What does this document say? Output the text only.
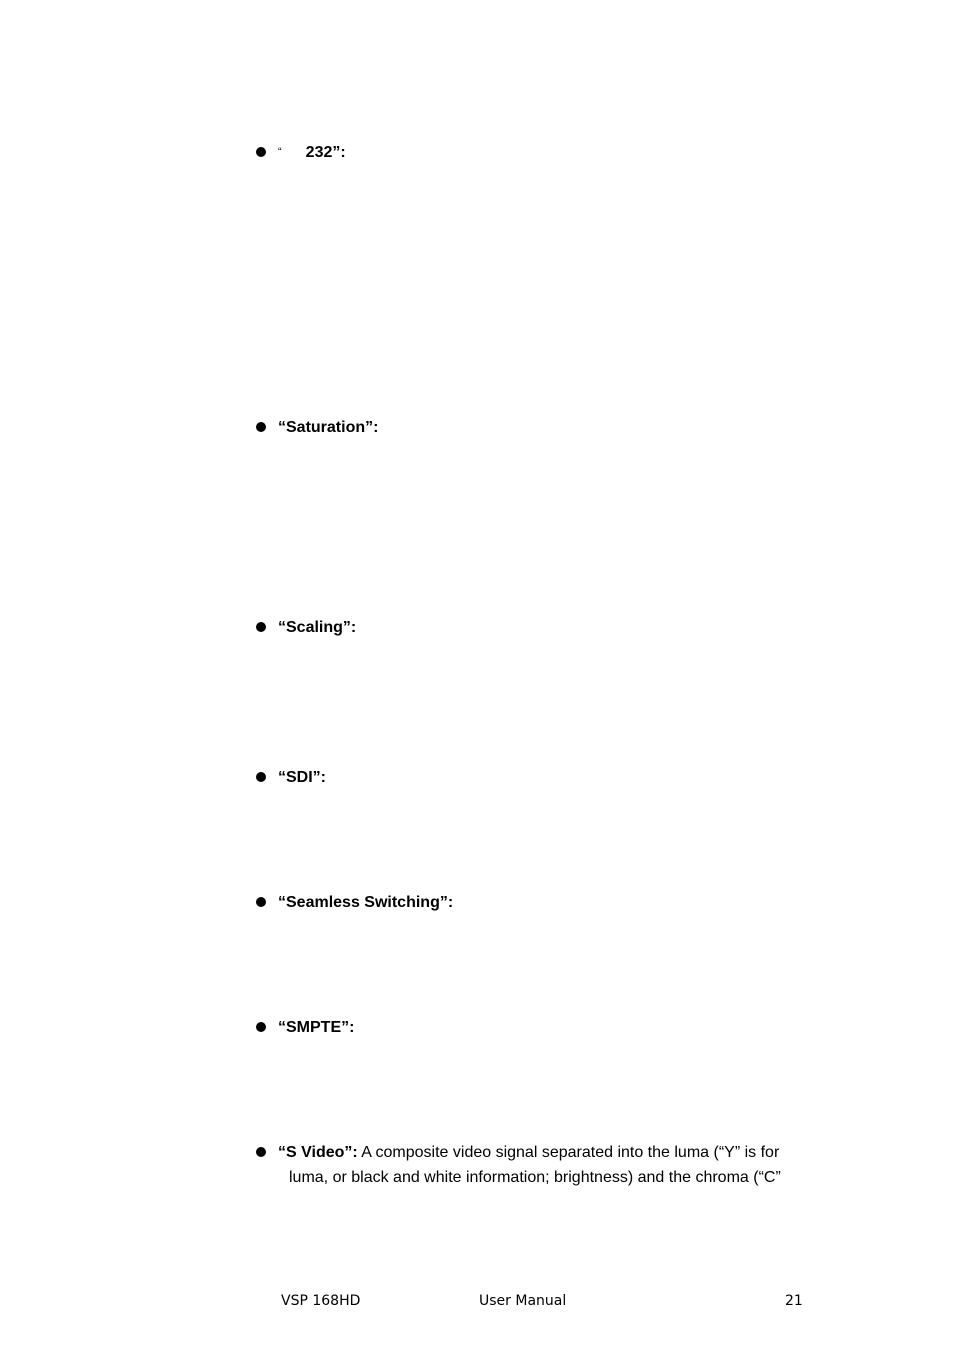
“ 232”:
“Saturation”:
“Scaling”:
“SDI”:
“Seamless Switching”:
“SMPTE”:
“S Video”: A composite video signal separated into the luma (“Y” is for luma, or black and white information; brightness) and the chroma (“C”
VSP 168HD	User Manual	21
